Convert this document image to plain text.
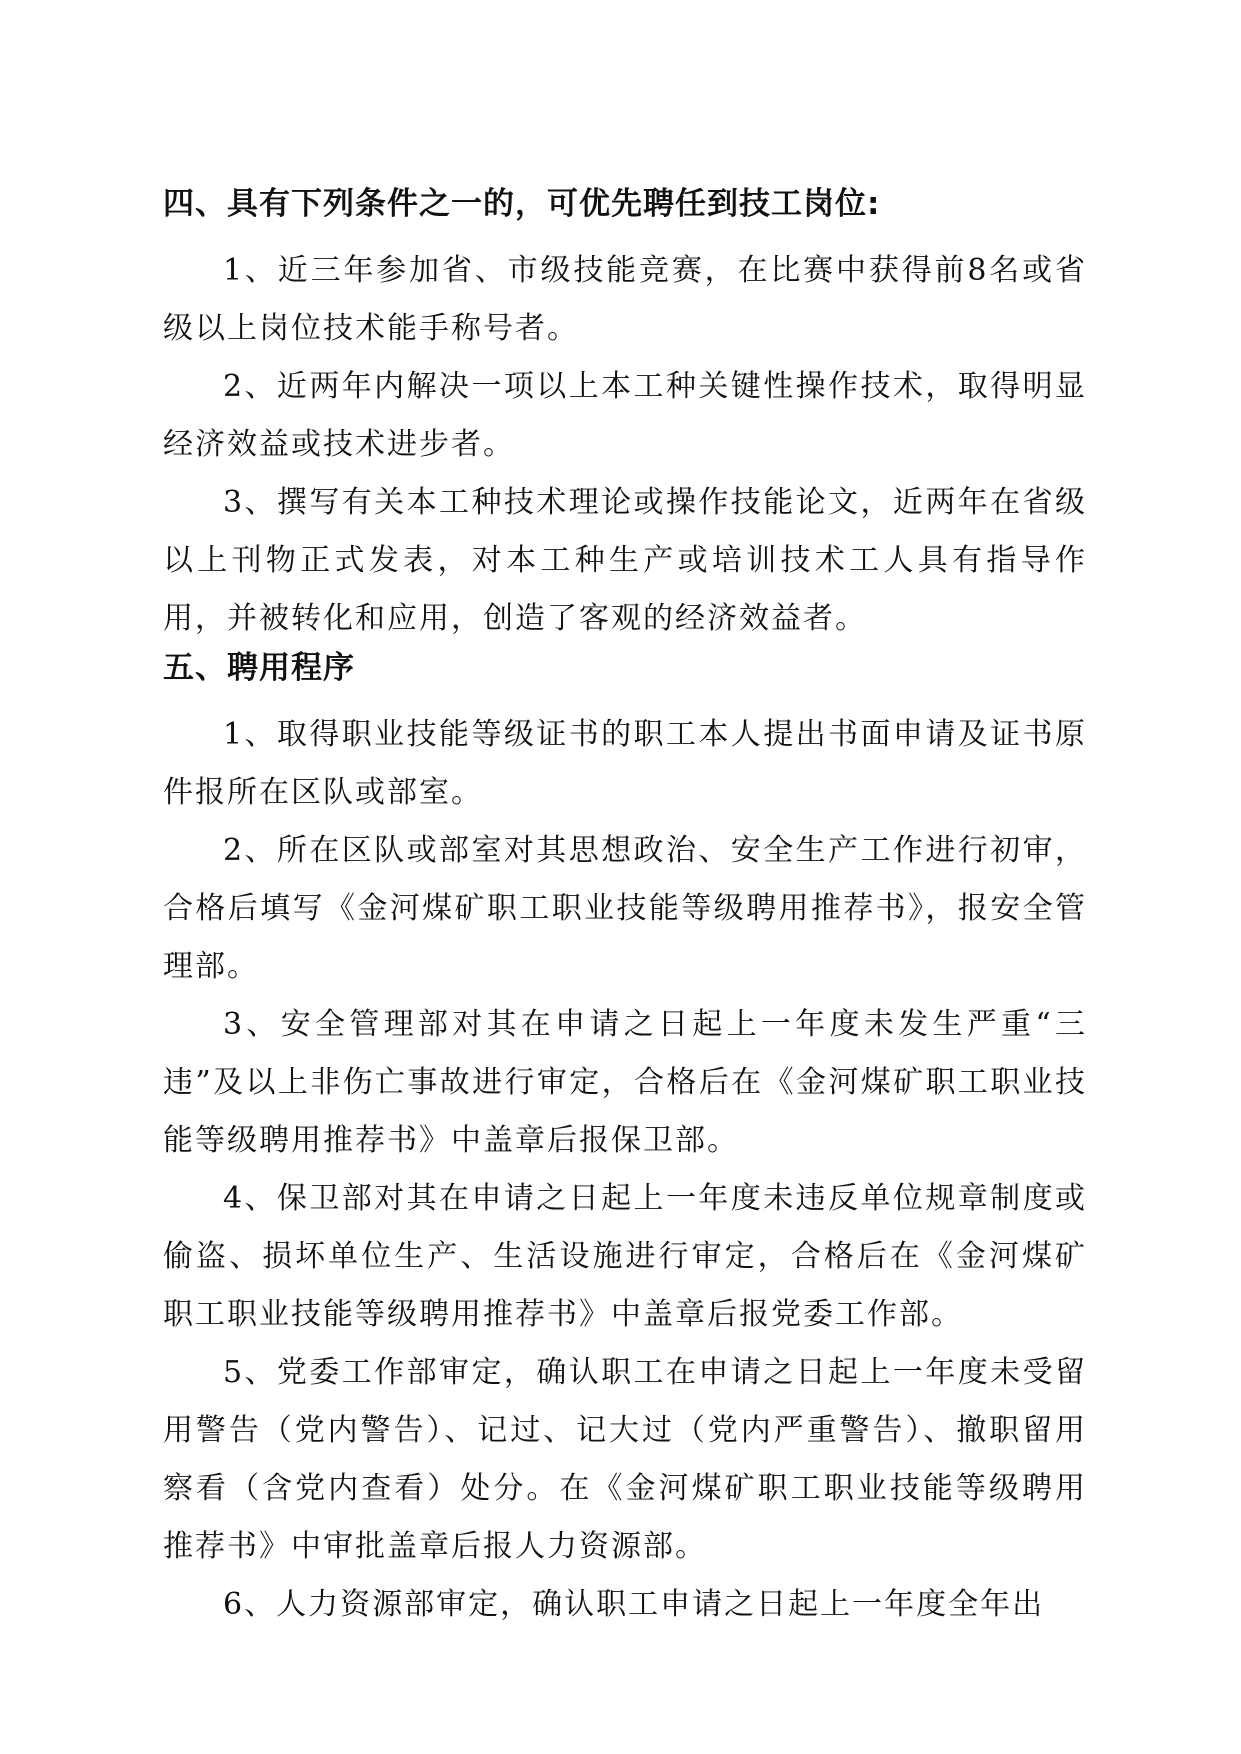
四、具有下列条件之一的，可优先聘任到技工岗位:

1、近三年参加省、市级技能竞赛，在比赛中获得前8名或省级以上岗位技术能手称号者。

2、近两年内解决一项以上本工种关键性操作技术，取得明显经济效益或技术进步者。

3、撰写有关本工种技术理论或操作技能论文，近两年在省级以上刊物正式发表，对本工种生产或培训技术工人具有指导作用，并被转化和应用，创造了客观的经济效益者。

五、聘用程序

1、取得职业技能等级证书的职工本人提出书面申请及证书原件报所在区队或部室。

2、所在区队或部室对其思想政治、安全生产工作进行初审，合格后填写《金河煤矿职工职业技能等级聘用推荐书》，报安全管理部。

3、安全管理部对其在申请之日起上一年度未发生严重“三违”及以上非伤亡事故进行审定，合格后在《金河煤矿职工职业技能等级聘用推荐书》中盖章后报保卫部。

4、保卫部对其在申请之日起上一年度未违反单位规章制度或偷盗、损坏单位生产、生活设施进行审定，合格后在《金河煤矿职工职业技能等级聘用推荐书》中盖章后报党委工作部。

5、党委工作部审定，确认职工在申请之日起上一年度未受留用警告（党内警告）、记过、记大过（党内严重警告）、撤职留用察看（含党内查看）处分。在《金河煤矿职工职业技能等级聘用推荐书》中审批盖章后报人力资源部。

6、人力资源部审定，确认职工申请之日起上一年度全年出
